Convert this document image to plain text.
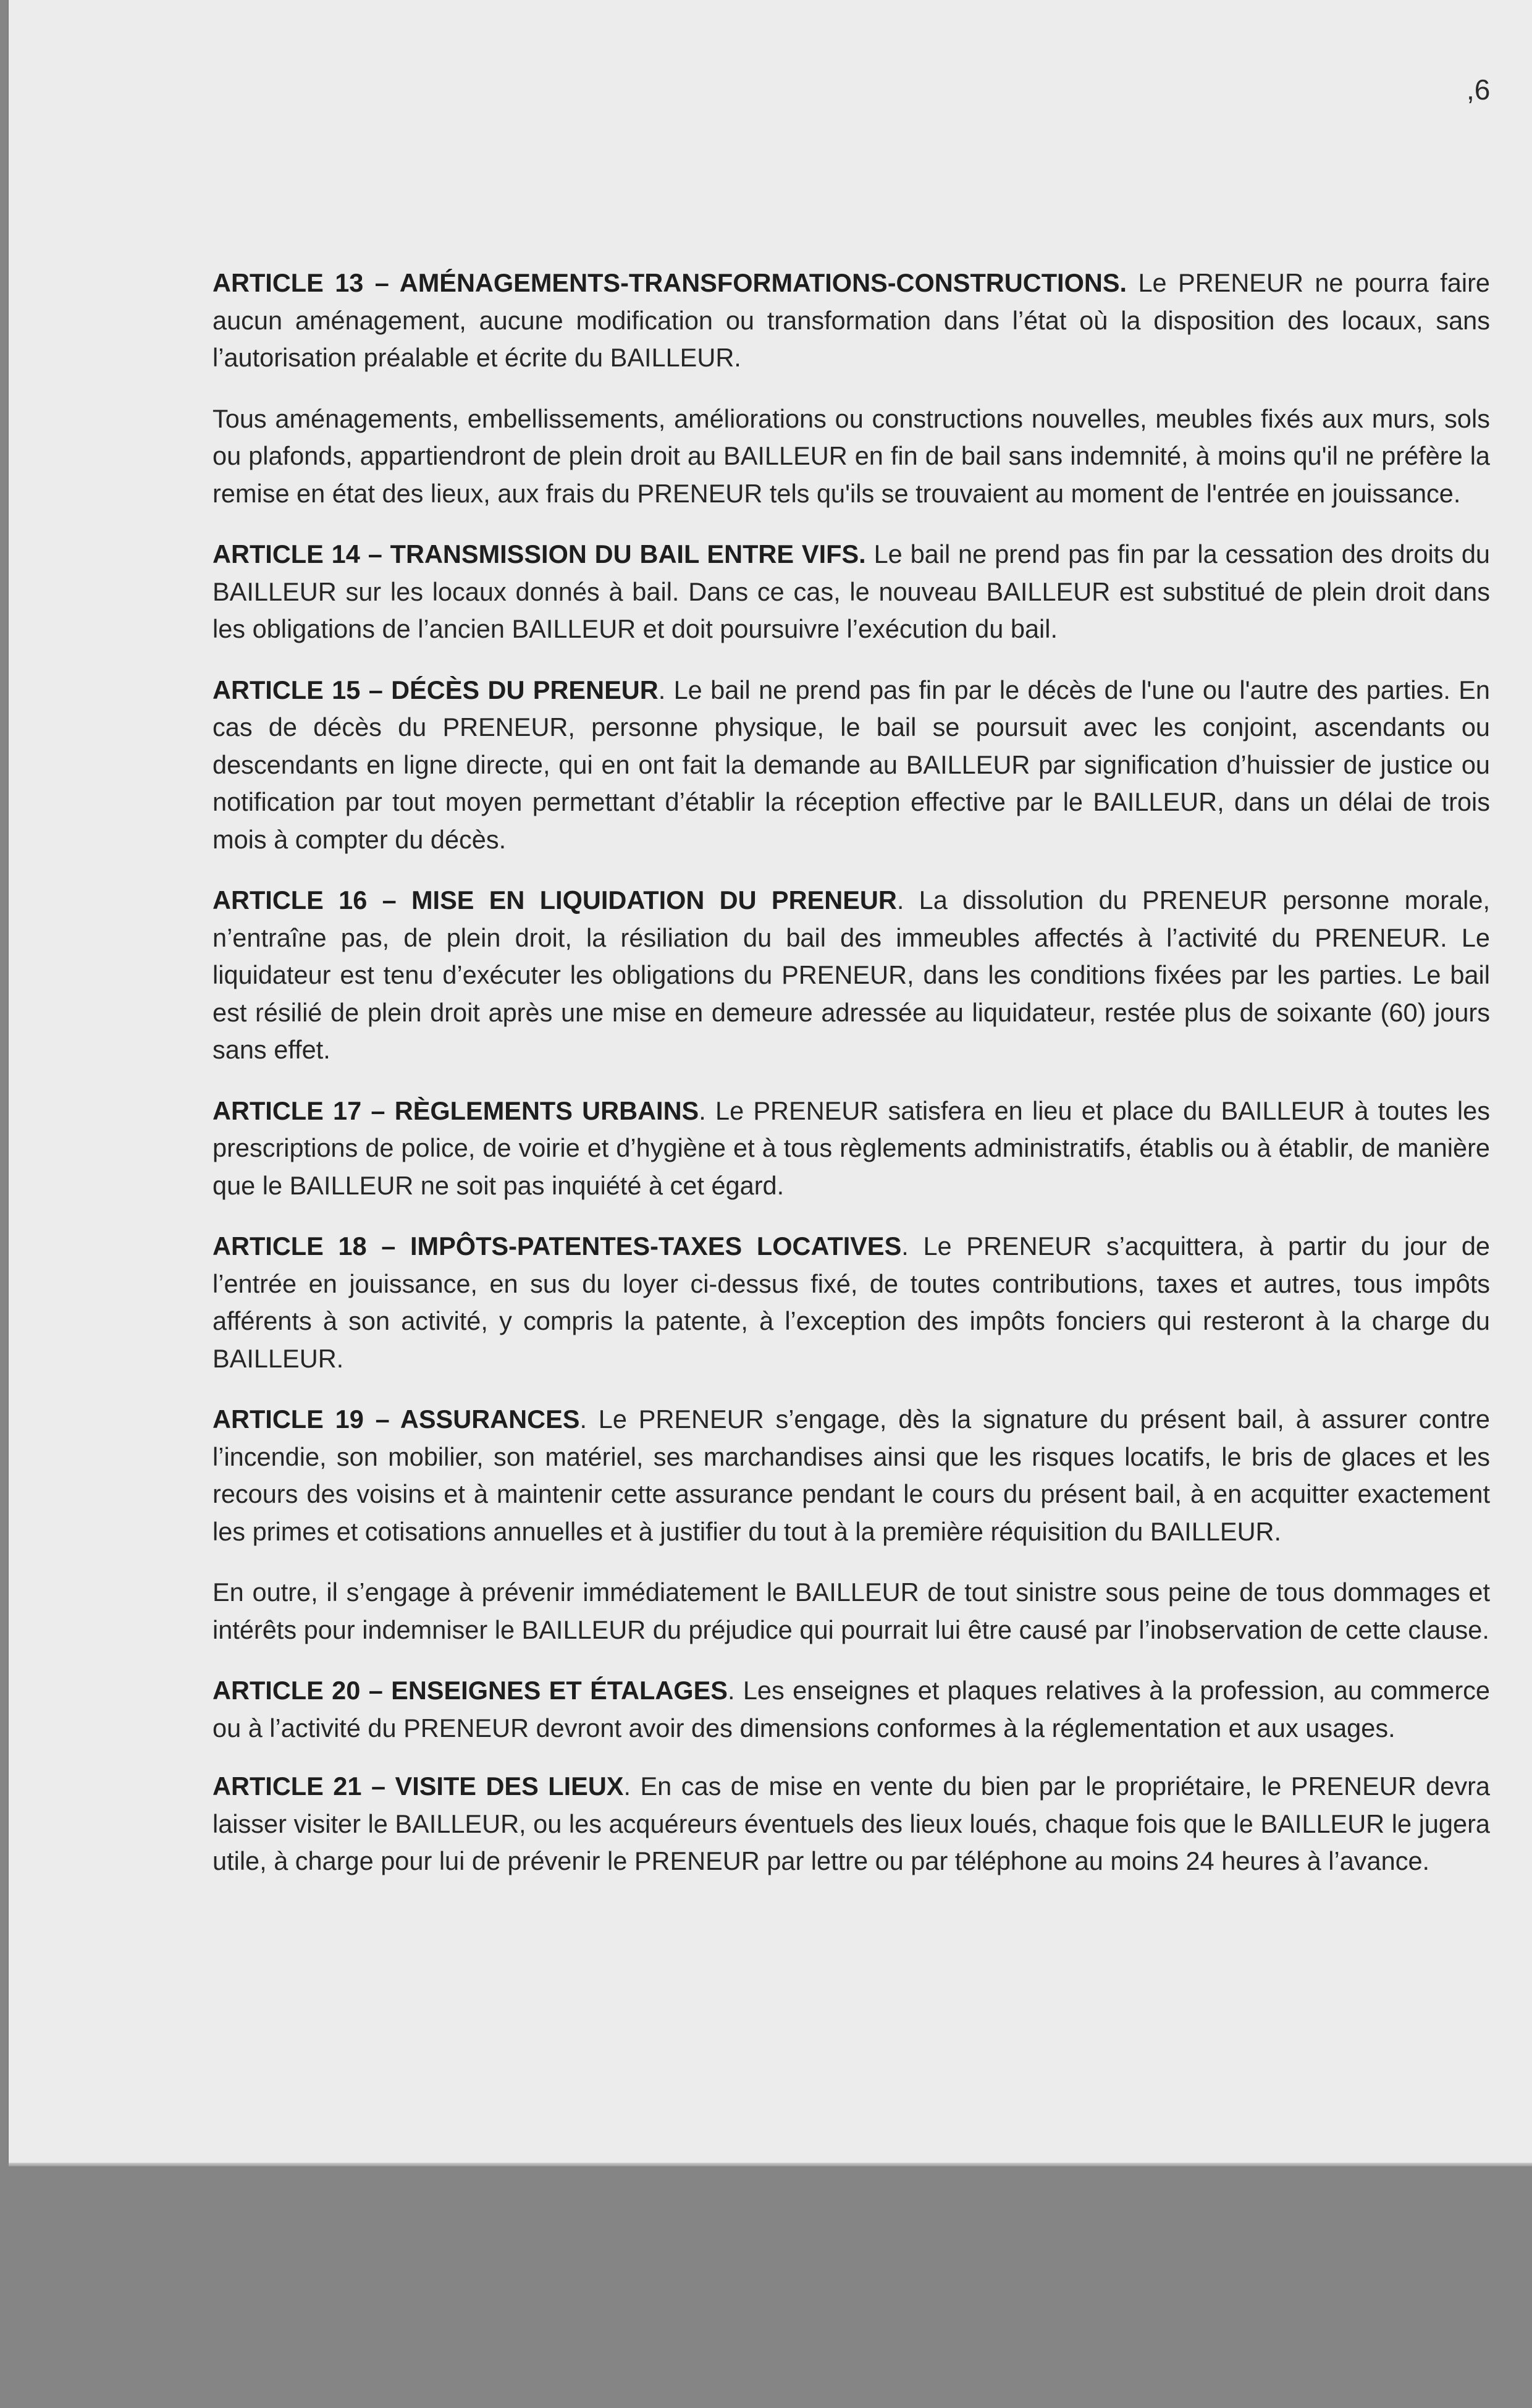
,6

ARTICLE 13 – AMÉNAGEMENTS-TRANSFORMATIONS-CONSTRUCTIONS. Le PRENEUR ne pourra faire aucun aménagement, aucune modification ou transformation dans l’état où la disposition des locaux, sans l’autorisation préalable et écrite du BAILLEUR.

Tous aménagements, embellissements, améliorations ou constructions nouvelles, meubles fixés aux murs, sols ou plafonds, appartiendront de plein droit au BAILLEUR en fin de bail sans indemnité, à moins qu'il ne préfère la remise en état des lieux, aux frais du PRENEUR tels qu'ils se trouvaient au moment de l'entrée en jouissance.

ARTICLE 14 – TRANSMISSION DU BAIL ENTRE VIFS. Le bail ne prend pas fin par la cessation des droits du BAILLEUR sur les locaux donnés à bail. Dans ce cas, le nouveau BAILLEUR est substitué de plein droit dans les obligations de l’ancien BAILLEUR et doit poursuivre l’exécution du bail.

ARTICLE 15 – DÉCÈS DU PRENEUR. Le bail ne prend pas fin par le décès de l'une ou l'autre des parties. En cas de décès du PRENEUR, personne physique, le bail se poursuit avec les conjoint, ascendants ou descendants en ligne directe, qui en ont fait la demande au BAILLEUR par signification d’huissier de justice ou notification par tout moyen permettant d’établir la réception effective par le BAILLEUR, dans un délai de trois mois à compter du décès.

ARTICLE 16 – MISE EN LIQUIDATION DU PRENEUR. La dissolution du PRENEUR personne morale, n’entraîne pas, de plein droit, la résiliation du bail des immeubles affectés à l’activité du PRENEUR. Le liquidateur est tenu d’exécuter les obligations du PRENEUR, dans les conditions fixées par les parties. Le bail est résilié de plein droit après une mise en demeure adressée au liquidateur, restée plus de soixante (60) jours sans effet.

ARTICLE 17 – RÈGLEMENTS URBAINS. Le PRENEUR satisfera en lieu et place du BAILLEUR à toutes les prescriptions de police, de voirie et d’hygiène et à tous règlements administratifs, établis ou à établir, de manière que le BAILLEUR ne soit pas inquiété à cet égard.

ARTICLE 18 – IMPÔTS-PATENTES-TAXES LOCATIVES. Le PRENEUR s’acquittera, à partir du jour de l’entrée en jouissance, en sus du loyer ci-dessus fixé, de toutes contributions, taxes et autres, tous impôts afférents à son activité, y compris la patente, à l’exception des impôts fonciers qui resteront à la charge du BAILLEUR.

ARTICLE 19 – ASSURANCES. Le PRENEUR s’engage, dès la signature du présent bail, à assurer contre l’incendie, son mobilier, son matériel, ses marchandises ainsi que les risques locatifs, le bris de glaces et les recours des voisins et à maintenir cette assurance pendant le cours du présent bail, à en acquitter exactement les primes et cotisations annuelles et à justifier du tout à la première réquisition du BAILLEUR.

En outre, il s’engage à prévenir immédiatement le BAILLEUR de tout sinistre sous peine de tous dommages et intérêts pour indemniser le BAILLEUR du préjudice qui pourrait lui être causé par l’inobservation de cette clause.

ARTICLE 20 – ENSEIGNES ET ÉTALAGES. Les enseignes et plaques relatives à la profession, au commerce ou à l’activité du PRENEUR devront avoir des dimensions conformes à la réglementation et aux usages.

ARTICLE 21 – VISITE DES LIEUX. En cas de mise en vente du bien par le propriétaire, le PRENEUR devra laisser visiter le BAILLEUR, ou les acquéreurs éventuels des lieux loués, chaque fois que le BAILLEUR le jugera utile, à charge pour lui de prévenir le PRENEUR par lettre ou par téléphone au moins 24 heures à l’avance.
